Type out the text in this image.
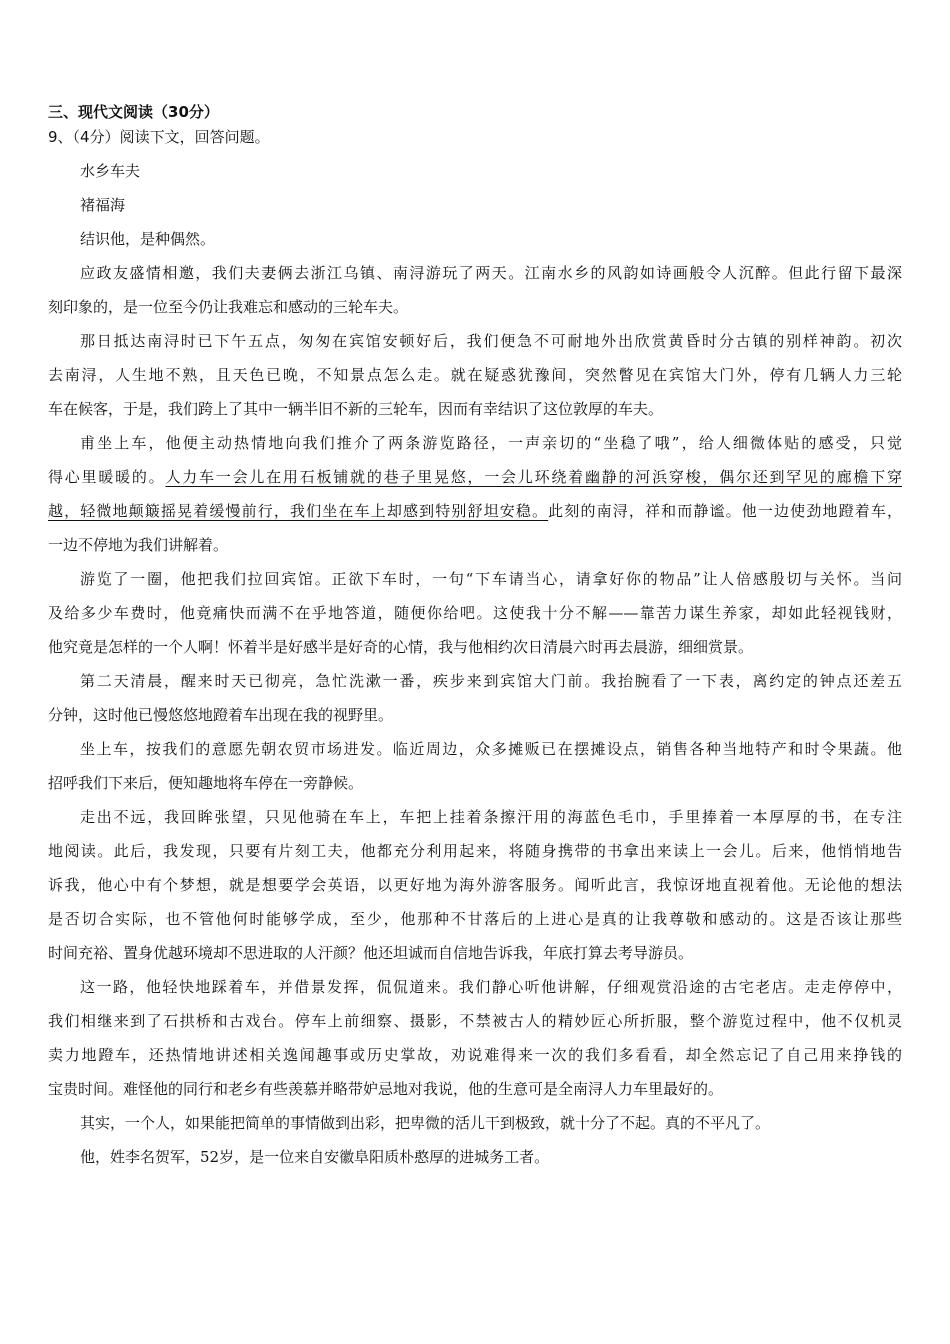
三、现代文阅读（30分）
9、（4分）阅读下文，回答问题。
水乡车夫
褚福海
结识他，是种偶然。
应政友盛情相邀，我们夫妻俩去浙江乌镇、南浔游玩了两天。江南水乡的风韵如诗画般令人沉醉。但此行留下最深
刻印象的，是一位至今仍让我难忘和感动的三轮车夫。
那日抵达南浔时已下午五点，匆匆在宾馆安顿好后，我们便急不可耐地外出欣赏黄昏时分古镇的别样神韵。初次
去南浔，人生地不熟，且天色已晚，不知景点怎么走。就在疑惑犹豫间，突然瞥见在宾馆大门外，停有几辆人力三轮
车在候客，于是，我们跨上了其中一辆半旧不新的三轮车，因而有幸结识了这位敦厚的车夫。
甫坐上车，他便主动热情地向我们推介了两条游览路径，一声亲切的“坐稳了哦”，给人细微体贴的感受，只觉
得心里暖暖的。人力车一会儿在用石板铺就的巷子里晃悠，一会儿环绕着幽静的河浜穿梭，偶尔还到罕见的廊檐下穿
越，轻微地颠簸摇晃着缓慢前行，我们坐在车上却感到特别舒坦安稳。此刻的南浔，祥和而静谧。他一边使劲地蹬着车，
一边不停地为我们讲解着。
游览了一圈，他把我们拉回宾馆。正欲下车时，一句“下车请当心，请拿好你的物品”让人倍感殷切与关怀。当问
及给多少车费时，他竟痛快而满不在乎地答道，随便你给吧。这使我十分不解——靠苦力谋生养家，却如此轻视钱财，
他究竟是怎样的一个人啊！怀着半是好感半是好奇的心情，我与他相约次日清晨六时再去晨游，细细赏景。
第二天清晨，醒来时天已彻亮，急忙洗漱一番，疾步来到宾馆大门前。我抬腕看了一下表，离约定的钟点还差五
分钟，这时他已慢悠悠地蹬着车出现在我的视野里。
坐上车，按我们的意愿先朝农贸市场进发。临近周边，众多摊贩已在摆摊设点，销售各种当地特产和时令果蔬。他
招呼我们下来后，便知趣地将车停在一旁静候。
走出不远，我回眸张望，只见他骑在车上，车把上挂着条擦汗用的海蓝色毛巾，手里捧着一本厚厚的书，在专注
地阅读。此后，我发现，只要有片刻工夫，他都充分利用起来，将随身携带的书拿出来读上一会儿。后来，他悄悄地告
诉我，他心中有个梦想，就是想要学会英语，以更好地为海外游客服务。闻听此言，我惊讶地直视着他。无论他的想法
是否切合实际，也不管他何时能够学成，至少，他那种不甘落后的上进心是真的让我尊敬和感动的。这是否该让那些
时间充裕、置身优越环境却不思进取的人汗颜？他还坦诚而自信地告诉我，年底打算去考导游员。
这一路，他轻快地踩着车，并借景发挥，侃侃道来。我们静心听他讲解，仔细观赏沿途的古宅老店。走走停停中，
我们相继来到了石拱桥和古戏台。停车上前细察、摄影，不禁被古人的精妙匠心所折服，整个游览过程中，他不仅机灵
卖力地蹬车，还热情地讲述相关逸闻趣事或历史掌故，劝说难得来一次的我们多看看，却全然忘记了自己用来挣钱的
宝贵时间。难怪他的同行和老乡有些羡慕并略带妒忌地对我说，他的生意可是全南浔人力车里最好的。
其实，一个人，如果能把简单的事情做到出彩，把卑微的活儿干到极致，就十分了不起。真的不平凡了。
他，姓李名贺军，52岁，是一位来自安徽阜阳质朴憨厚的进城务工者。
